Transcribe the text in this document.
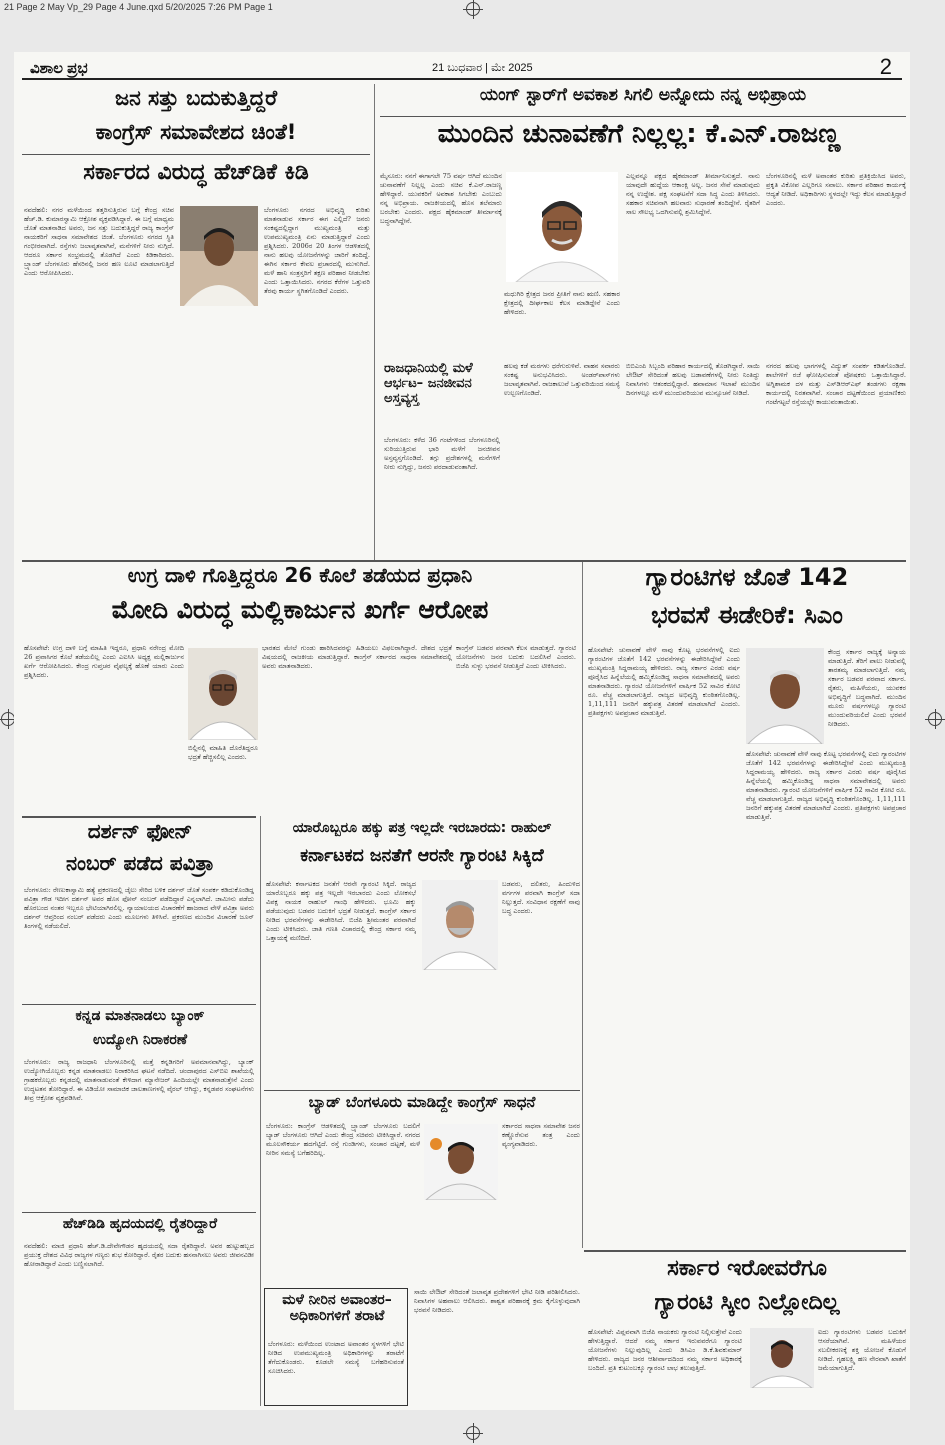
21 Page 2 May Vp_29 Page 4 June.qxd 5/20/2025 7:26 PM Page 1
ವಿಶಾಲ ಪ್ರಭ	21 ಬುಧವಾರ | ಮೇ 2025	2
ಜನ ಸತ್ತು ಬದುಕುತ್ತಿದ್ದರೆ
ಕಾಂಗ್ರೆಸ್ ಸಮಾವೇಶದ ಚಿಂತೆ!
ಸರ್ಕಾರದ ವಿರುದ್ಧ ಹೆಚ್‌ಡಿಕೆ ಕಿಡಿ
ನವದೆಹಲಿ: ನಗರ ಮಳೆಯಿಂದ ತತ್ತರಿಸುತ್ತಿರುವ ಬಗ್ಗೆ ಕೇಂದ್ರ ಸಚಿವ ಹೆಚ್.ಡಿ. ಕುಮಾರಸ್ವಾಮಿ ಆಕ್ರೋಶ ವ್ಯಕ್ತಪಡಿಸಿದ್ದಾರೆ. ಈ ಬಗ್ಗೆ ಮಾಧ್ಯಮ ಜೊತೆ ಮಾತನಾಡಿದ ಅವರು, ಜನ ಸತ್ತು ಬದುಕುತ್ತಿದ್ದರೆ ರಾಜ್ಯ ಕಾಂಗ್ರೆಸ್ ನಾಯಕರಿಗೆ ಸಾಧನಾ ಸಮಾವೇಶದ ಚಿಂತೆ. ಬೆಂಗಳೂರು ನಗರದ ಸ್ಥಿತಿ ಗಂಭೀರವಾಗಿದೆ. ರಸ್ತೆಗಳು ಜಲಾವೃತವಾಗಿವೆ, ಮನೆಗಳಿಗೆ ನೀರು ನುಗ್ಗಿದೆ. ಆದರೂ ಸರ್ಕಾರ ಸಂಭ್ರಮದಲ್ಲಿ ತೊಡಗಿದೆ ಎಂದು ಕಿಡಿಕಾರಿದರು. ಬ್ರ್ಯಾಂಡ್ ಬೆಂಗಳೂರು ಹೆಸರಿನಲ್ಲಿ ಜನರ ಹಣ ಲೂಟಿ ಮಾಡಲಾಗುತ್ತಿದೆ ಎಂದು ಆರೋಪಿಸಿದರು.
ಬೆಂಗಳೂರು ನಗರದ ಅಭಿವೃದ್ಧಿ ಕುರಿತು ಮಾತನಾಡುವ ಸರ್ಕಾರ ಈಗ ಎಲ್ಲಿದೆ? ಜನರು ಸಂಕಷ್ಟದಲ್ಲಿದ್ದಾಗ ಮುಖ್ಯಮಂತ್ರಿ ಮತ್ತು ಉಪಮುಖ್ಯಮಂತ್ರಿ ಏನು ಮಾಡುತ್ತಿದ್ದಾರೆ ಎಂದು ಪ್ರಶ್ನಿಸಿದರು. 2006ರ 20 ತಿಂಗಳ ಆಡಳಿತದಲ್ಲಿ ನಾನು ಹಲವು ಯೋಜನೆಗಳನ್ನು ಜಾರಿಗೆ ತಂದಿದ್ದೆ. ಈಗಿನ ಸರ್ಕಾರ ಕೇವಲ ಪ್ರಚಾರದಲ್ಲಿ ಮುಳುಗಿದೆ. ಮಳೆ ಹಾನಿ ಸಂತ್ರಸ್ತರಿಗೆ ತಕ್ಷಣ ಪರಿಹಾರ ನೀಡಬೇಕು ಎಂದು ಒತ್ತಾಯಿಸಿದರು. ನಗರದ ಕೆರೆಗಳ ಒತ್ತುವರಿ ತೆರವು ಕಾರ್ಯ ಸ್ಥಗಿತಗೊಂಡಿದೆ ಎಂದರು.
ಯಂಗ್ ಸ್ಟಾರ್‌ಗೆ ಅವಕಾಶ ಸಿಗಲಿ ಅನ್ನೋದು ನನ್ನ ಅಭಿಪ್ರಾಯ
ಮುಂದಿನ ಚುನಾವಣೆಗೆ ನಿಲ್ಲಲ್ಲ: ಕೆ.ಎನ್.ರಾಜಣ್ಣ
ಮೈಸೂರು: ನನಗೆ ಈಗಾಗಲೇ 75 ವರ್ಷ ಆಗಿದೆ ಮುಂದಿನ ಚುನಾವಣೆಗೆ ನಿಲ್ಲಲ್ಲ ಎಂದು ಸಚಿವ ಕೆ.ಎನ್.ರಾಜಣ್ಣ ಹೇಳಿದ್ದಾರೆ. ಯುವಕರಿಗೆ ಅವಕಾಶ ಸಿಗಬೇಕು ಎಂಬುದು ನನ್ನ ಅಭಿಪ್ರಾಯ. ರಾಜಕೀಯದಲ್ಲಿ ಹೊಸ ತಲೆಮಾರು ಬರಬೇಕು ಎಂದರು. ಪಕ್ಷದ ಹೈಕಮಾಂಡ್ ತೀರ್ಮಾನಕ್ಕೆ ಬದ್ಧನಾಗಿದ್ದೇನೆ.
ಮಧುಗಿರಿ ಕ್ಷೇತ್ರದ ಜನರ ಪ್ರೀತಿಗೆ ನಾನು ಋಣಿ. ಸಹಕಾರ ಕ್ಷೇತ್ರದಲ್ಲಿ ದೀರ್ಘಕಾಲ ಕೆಲಸ ಮಾಡಿದ್ದೇನೆ ಎಂದು ಹೇಳಿದರು.
ಎಲ್ಲವನ್ನೂ ಪಕ್ಷದ ಹೈಕಮಾಂಡ್ ತೀರ್ಮಾನಿಸುತ್ತದೆ. ನಾನು ಯಾವುದೇ ಹುದ್ದೆಯ ಆಕಾಂಕ್ಷಿ ಅಲ್ಲ. ಜನರ ಸೇವೆ ಮಾಡುವುದು ನನ್ನ ಉದ್ದೇಶ. ಪಕ್ಷ ಸಂಘಟನೆಗೆ ಸದಾ ಸಿದ್ಧ ಎಂದು ತಿಳಿಸಿದರು. ಸಹಕಾರ ಸಚಿವನಾಗಿ ಹಲವಾರು ಸುಧಾರಣೆ ತಂದಿದ್ದೇನೆ. ರೈತರಿಗೆ ಸಾಲ ಸೌಲಭ್ಯ ಒದಗಿಸುವಲ್ಲಿ ಶ್ರಮಿಸಿದ್ದೇನೆ.
ಬೆಂಗಳೂರಿನಲ್ಲಿ ಮಳೆ ಅವಾಂತರ ಕುರಿತು ಪ್ರತಿಕ್ರಿಯಿಸಿದ ಅವರು, ಪ್ರಕೃತಿ ವಿಕೋಪ ಎಲ್ಲರಿಗೂ ಸವಾಲು. ಸರ್ಕಾರ ಪರಿಹಾರ ಕಾರ್ಯಕ್ಕೆ ಆದ್ಯತೆ ನೀಡಿದೆ. ಅಧಿಕಾರಿಗಳು ಸ್ಥಳದಲ್ಲೇ ಇದ್ದು ಕೆಲಸ ಮಾಡುತ್ತಿದ್ದಾರೆ ಎಂದರು.
ರಾಜಧಾನಿಯಲ್ಲಿ ಮಳೆ ಆರ್ಭಟ– ಜನಜೀವನ ಅಸ್ತವ್ಯಸ್ತ
ಬೆಂಗಳೂರು: ಕಳೆದ 36 ಗಂಟೆಗಳಿಂದ ಬೆಂಗಳೂರಿನಲ್ಲಿ ಸುರಿಯುತ್ತಿರುವ ಭಾರಿ ಮಳೆಗೆ ಜನಜೀವನ ಅಸ್ತವ್ಯಸ್ತಗೊಂಡಿದೆ. ತಗ್ಗು ಪ್ರದೇಶಗಳಲ್ಲಿ ಮನೆಗಳಿಗೆ ನೀರು ನುಗ್ಗಿದ್ದು, ಜನರು ಪರದಾಡುವಂತಾಗಿದೆ.
ಹಲವು ಕಡೆ ಮರಗಳು ಧರೆಗುರುಳಿವೆ. ವಾಹನ ಸವಾರರು ಸಂಕಷ್ಟ ಅನುಭವಿಸಿದರು. ಅಂಡರ್‌ಪಾಸ್‌ಗಳು ಜಲಾವೃತವಾಗಿವೆ. ರಾಜಕಾಲುವೆ ಒತ್ತುವರಿಯಿಂದ ಸಮಸ್ಯೆ ಉಲ್ಬಣಗೊಂಡಿದೆ.
ಬಿಬಿಎಂಪಿ ಸಿಬ್ಬಂದಿ ಪರಿಹಾರ ಕಾರ್ಯದಲ್ಲಿ ತೊಡಗಿದ್ದಾರೆ. ಸಾಯಿ ಲೇಔಟ್ ಸೇರಿದಂತೆ ಹಲವು ಬಡಾವಣೆಗಳಲ್ಲಿ ನೀರು ನಿಂತಿದ್ದು ನಿವಾಸಿಗಳು ಆತಂಕದಲ್ಲಿದ್ದಾರೆ. ಹವಾಮಾನ ಇಲಾಖೆ ಮುಂದಿನ ದಿನಗಳಲ್ಲೂ ಮಳೆ ಮುಂದುವರಿಯುವ ಮುನ್ಸೂಚನೆ ನೀಡಿದೆ.
ನಗರದ ಹಲವು ಭಾಗಗಳಲ್ಲಿ ವಿದ್ಯುತ್ ಸಂಪರ್ಕ ಕಡಿತಗೊಂಡಿದೆ. ಶಾಲೆಗಳಿಗೆ ರಜೆ ಘೋಷಿಸುವಂತೆ ಪೋಷಕರು ಒತ್ತಾಯಿಸಿದ್ದಾರೆ. ಅಗ್ನಿಶಾಮಕ ದಳ ಮತ್ತು ಎಸ್‌ಡಿಆರ್‌ಎಫ್ ತಂಡಗಳು ರಕ್ಷಣಾ ಕಾರ್ಯದಲ್ಲಿ ನಿರತವಾಗಿವೆ. ಸಂಚಾರ ದಟ್ಟಣೆಯಿಂದ ಪ್ರಯಾಣಿಕರು ಗಂಟೆಗಟ್ಟಲೆ ರಸ್ತೆಯಲ್ಲೇ ಕಾಯುವಂತಾಯಿತು.
ಉಗ್ರ ದಾಳಿ ಗೊತ್ತಿದ್ದರೂ 26 ಕೊಲೆ ತಡೆಯದ ಪ್ರಧಾನಿ
ಮೋದಿ ವಿರುದ್ಧ ಮಲ್ಲಿಕಾರ್ಜುನ ಖರ್ಗೆ ಆರೋಪ
ಹೊಸಪೇಟೆ: ಉಗ್ರ ದಾಳಿ ಬಗ್ಗೆ ಮಾಹಿತಿ ಇದ್ದರೂ, ಪ್ರಧಾನಿ ನರೇಂದ್ರ ಮೋದಿ 26 ಪ್ರವಾಸಿಗರ ಕೊಲೆ ತಡೆಯಲಿಲ್ಲ ಎಂದು ಎಐಸಿಸಿ ಅಧ್ಯಕ್ಷ ಮಲ್ಲಿಕಾರ್ಜುನ ಖರ್ಗೆ ಆರೋಪಿಸಿದರು. ಕೇಂದ್ರ ಗುಪ್ತಚರ ವೈಫಲ್ಯಕ್ಕೆ ಹೊಣೆ ಯಾರು ಎಂದು ಪ್ರಶ್ನಿಸಿದರು.
ಬಿಲ್ಲಿನಲ್ಲಿ ಮಾಹಿತಿ ದೊರೆತಿದ್ದರೂ ಭದ್ರತೆ ಹೆಚ್ಚಿಸಲಿಲ್ಲ ಎಂದರು.
ಭಾರತದ ಮೇಲೆ ಗುಂಡು ಹಾರಿಸಿದವರನ್ನು ಹಿಡಿಯಲು ವಿಫಲರಾಗಿದ್ದಾರೆ. ದೇಶದ ಭದ್ರತೆ ವಿಷಯದಲ್ಲಿ ರಾಜಕೀಯ ಮಾಡುತ್ತಿದ್ದಾರೆ. ಕಾಂಗ್ರೆಸ್ ಸರ್ಕಾರದ ಸಾಧನಾ ಸಮಾವೇಶದಲ್ಲಿ ಅವರು ಮಾತನಾಡಿದರು.
ಕಾಂಗ್ರೆಸ್ ಬಡವರ ಪರವಾಗಿ ಕೆಲಸ ಮಾಡುತ್ತದೆ. ಗ್ಯಾರಂಟಿ ಯೋಜನೆಗಳು ಜನರ ಬದುಕು ಬದಲಿಸಿವೆ ಎಂದರು. ಬಿಜೆಪಿ ಸುಳ್ಳು ಭರವಸೆ ನೀಡುತ್ತಿದೆ ಎಂದು ಟೀಕಿಸಿದರು.
ಗ್ಯಾರಂಟಿಗಳ ಜೊತೆ 142
ಭರವಸೆ ಈಡೇರಿಕೆ: ಸಿಎಂ
ಹೊಸಪೇಟೆ: ಚುನಾವಣೆ ವೇಳೆ ನಾವು ಕೊಟ್ಟ ಭರವಸೆಗಳಲ್ಲಿ ಐದು ಗ್ಯಾರಂಟಿಗಳ ಜೊತೆಗೆ 142 ಭರವಸೆಗಳನ್ನು ಈಡೇರಿಸಿದ್ದೇವೆ ಎಂದು ಮುಖ್ಯಮಂತ್ರಿ ಸಿದ್ದರಾಮಯ್ಯ ಹೇಳಿದರು. ರಾಜ್ಯ ಸರ್ಕಾರ ಎರಡು ವರ್ಷ ಪೂರೈಸಿದ ಹಿನ್ನೆಲೆಯಲ್ಲಿ ಹಮ್ಮಿಕೊಂಡಿದ್ದ ಸಾಧನಾ ಸಮಾವೇಶದಲ್ಲಿ ಅವರು ಮಾತನಾಡಿದರು. ಗ್ಯಾರಂಟಿ ಯೋಜನೆಗಳಿಗೆ ವಾರ್ಷಿಕ 52 ಸಾವಿರ ಕೋಟಿ ರೂ. ವೆಚ್ಚ ಮಾಡಲಾಗುತ್ತಿದೆ. ರಾಜ್ಯದ ಅಭಿವೃದ್ಧಿ ಕುಂಠಿತಗೊಂಡಿಲ್ಲ. 1,11,111 ಜನರಿಗೆ ಹಕ್ಕುಪತ್ರ ವಿತರಣೆ ಮಾಡಲಾಗಿದೆ ಎಂದರು. ಪ್ರತಿಪಕ್ಷಗಳು ಅಪಪ್ರಚಾರ ಮಾಡುತ್ತಿವೆ.
ಕೇಂದ್ರ ಸರ್ಕಾರ ರಾಜ್ಯಕ್ಕೆ ಅನ್ಯಾಯ ಮಾಡುತ್ತಿದೆ. ತೆರಿಗೆ ಪಾಲು ನೀಡುವಲ್ಲಿ ತಾರತಮ್ಯ ಮಾಡಲಾಗುತ್ತಿದೆ. ನಮ್ಮ ಸರ್ಕಾರ ಬಡವರ ಪರವಾದ ಸರ್ಕಾರ. ರೈತರು, ಮಹಿಳೆಯರು, ಯುವಕರ ಅಭಿವೃದ್ಧಿಗೆ ಬದ್ಧವಾಗಿದೆ. ಮುಂದಿನ ಮೂರು ವರ್ಷಗಳಲ್ಲೂ ಗ್ಯಾರಂಟಿ ಮುಂದುವರಿಯಲಿದೆ ಎಂದು ಭರವಸೆ ನೀಡಿದರು.
ಹೊಸಪೇಟೆ: ಚುನಾವಣೆ ವೇಳೆ ನಾವು ಕೊಟ್ಟ ಭರವಸೆಗಳಲ್ಲಿ ಐದು ಗ್ಯಾರಂಟಿಗಳ ಜೊತೆಗೆ 142 ಭರವಸೆಗಳನ್ನು ಈಡೇರಿಸಿದ್ದೇವೆ ಎಂದು ಮುಖ್ಯಮಂತ್ರಿ ಸಿದ್ದರಾಮಯ್ಯ ಹೇಳಿದರು. ರಾಜ್ಯ ಸರ್ಕಾರ ಎರಡು ವರ್ಷ ಪೂರೈಸಿದ ಹಿನ್ನೆಲೆಯಲ್ಲಿ ಹಮ್ಮಿಕೊಂಡಿದ್ದ ಸಾಧನಾ ಸಮಾವೇಶದಲ್ಲಿ ಅವರು ಮಾತನಾಡಿದರು. ಗ್ಯಾರಂಟಿ ಯೋಜನೆಗಳಿಗೆ ವಾರ್ಷಿಕ 52 ಸಾವಿರ ಕೋಟಿ ರೂ. ವೆಚ್ಚ ಮಾಡಲಾಗುತ್ತಿದೆ. ರಾಜ್ಯದ ಅಭಿವೃದ್ಧಿ ಕುಂಠಿತಗೊಂಡಿಲ್ಲ. 1,11,111 ಜನರಿಗೆ ಹಕ್ಕುಪತ್ರ ವಿತರಣೆ ಮಾಡಲಾಗಿದೆ ಎಂದರು. ಪ್ರತಿಪಕ್ಷಗಳು ಅಪಪ್ರಚಾರ ಮಾಡುತ್ತಿವೆ.
ದರ್ಶನ್ ಫೋನ್
ನಂಬರ್ ಪಡೆದ ಪವಿತ್ರಾ
ಬೆಂಗಳೂರು: ರೇಣುಕಾಸ್ವಾಮಿ ಹತ್ಯೆ ಪ್ರಕರಣದಲ್ಲಿ ಜೈಲು ಸೇರಿದ ಬಳಿಕ ದರ್ಶನ್ ಜೊತೆ ಸಂಪರ್ಕ ಕಡಿದುಕೊಂಡಿದ್ದ ಪವಿತ್ರಾ ಗೌಡ ಇದೀಗ ದರ್ಶನ್ ಅವರ ಹೊಸ ಫೋನ್ ನಂಬರ್ ಪಡೆದಿದ್ದಾರೆ ಎನ್ನಲಾಗಿದೆ. ಜಾಮೀನು ಪಡೆದು ಹೊರಬಂದ ನಂತರ ಇಬ್ಬರೂ ಭೇಟಿಯಾಗಿರಲಿಲ್ಲ. ನ್ಯಾಯಾಲಯದ ವಿಚಾರಣೆಗೆ ಹಾಜರಾದ ವೇಳೆ ಪವಿತ್ರಾ ಅವರು ದರ್ಶನ್ ಆಪ್ತರಿಂದ ನಂಬರ್ ಪಡೆದರು ಎಂದು ಮೂಲಗಳು ತಿಳಿಸಿವೆ. ಪ್ರಕರಣದ ಮುಂದಿನ ವಿಚಾರಣೆ ಜೂನ್ ತಿಂಗಳಲ್ಲಿ ನಡೆಯಲಿದೆ.
ಕನ್ನಡ ಮಾತನಾಡಲು ಬ್ಯಾಂಕ್
ಉದ್ಯೋಗಿ ನಿರಾಕರಣೆ
ಬೆಂಗಳೂರು: ರಾಜ್ಯ ರಾಜಧಾನಿ ಬೆಂಗಳೂರಿನಲ್ಲಿ ಮತ್ತೆ ಕನ್ನಡಿಗರಿಗೆ ಅವಮಾನವಾಗಿದ್ದು, ಬ್ಯಾಂಕ್ ಉದ್ಯೋಗಿಯೊಬ್ಬರು ಕನ್ನಡ ಮಾತನಾಡಲು ನಿರಾಕರಿಸಿದ ಘಟನೆ ನಡೆದಿದೆ. ಚಂದಾಪುರದ ಎಸ್‌ಬಿಐ ಶಾಖೆಯಲ್ಲಿ ಗ್ರಾಹಕರೊಬ್ಬರು ಕನ್ನಡದಲ್ಲಿ ಮಾತನಾಡುವಂತೆ ಕೇಳಿದಾಗ ಮ್ಯಾನೇಜರ್ ಹಿಂದಿಯಲ್ಲೇ ಮಾತನಾಡುತ್ತೇನೆ ಎಂದು ಉದ್ಧಟತನ ತೋರಿದ್ದಾರೆ. ಈ ವಿಡಿಯೋ ಸಾಮಾಜಿಕ ಜಾಲತಾಣಗಳಲ್ಲಿ ವೈರಲ್ ಆಗಿದ್ದು, ಕನ್ನಡಪರ ಸಂಘಟನೆಗಳು ತೀವ್ರ ಆಕ್ರೋಶ ವ್ಯಕ್ತಪಡಿಸಿವೆ.
ಹೆಚ್‌ಡಿಡಿ ಹೃದಯದಲ್ಲಿ ರೈತರಿದ್ದಾರೆ
ನವದೆಹಲಿ: ಮಾಜಿ ಪ್ರಧಾನಿ ಹೆಚ್.ಡಿ.ದೇವೇಗೌಡರ ಹೃದಯದಲ್ಲಿ ಸದಾ ರೈತರಿದ್ದಾರೆ. ಅವರ ಹುಟ್ಟುಹಬ್ಬದ ಪ್ರಯುಕ್ತ ದೇಶದ ವಿವಿಧ ರಾಜ್ಯಗಳ ಗಣ್ಯರು ಶುಭ ಕೋರಿದ್ದಾರೆ. ರೈತರ ಬದುಕು ಹಸನಾಗಿಸಲು ಅವರು ಜೀವನವಿಡೀ ಹೋರಾಡಿದ್ದಾರೆ ಎಂದು ಬಣ್ಣಿಸಲಾಗಿದೆ.
ಯಾರೊಬ್ಬರೂ ಹಕ್ಕು ಪತ್ರ ಇಲ್ಲದೇ ಇರಬಾರದು: ರಾಹುಲ್
ಕರ್ನಾಟಕದ ಜನತೆಗೆ ಆರನೇ ಗ್ಯಾರಂಟಿ ಸಿಕ್ಕಿದೆ
ಹೊಸಪೇಟೆ: ಕರ್ನಾಟಕದ ಜನತೆಗೆ ಆರನೇ ಗ್ಯಾರಂಟಿ ಸಿಕ್ಕಿದೆ. ರಾಜ್ಯದ ಯಾರೊಬ್ಬರೂ ಹಕ್ಕು ಪತ್ರ ಇಲ್ಲದೇ ಇರಬಾರದು ಎಂದು ಲೋಕಸಭೆ ವಿಪಕ್ಷ ನಾಯಕ ರಾಹುಲ್ ಗಾಂಧಿ ಹೇಳಿದರು. ಭೂಮಿ ಹಕ್ಕು ಪಡೆಯುವುದು ಬಡವರ ಬದುಕಿಗೆ ಭದ್ರತೆ ನೀಡುತ್ತದೆ. ಕಾಂಗ್ರೆಸ್ ಸರ್ಕಾರ ನೀಡಿದ ಭರವಸೆಗಳನ್ನು ಈಡೇರಿಸಿದೆ. ಬಿಜೆಪಿ ಶ್ರೀಮಂತರ ಪರವಾಗಿದೆ ಎಂದು ಟೀಕಿಸಿದರು. ಜಾತಿ ಗಣತಿ ವಿಚಾರದಲ್ಲಿ ಕೇಂದ್ರ ಸರ್ಕಾರ ನಮ್ಮ ಒತ್ತಾಯಕ್ಕೆ ಮಣಿದಿದೆ.
ಬಡವರು, ದಲಿತರು, ಹಿಂದುಳಿದ ವರ್ಗಗಳ ಪರವಾಗಿ ಕಾಂಗ್ರೆಸ್ ಸದಾ ನಿಲ್ಲುತ್ತದೆ. ಸಂವಿಧಾನ ರಕ್ಷಣೆಗೆ ನಾವು ಬದ್ಧ ಎಂದರು.
ಬ್ಯಾಡ್ ಬೆಂಗಳೂರು ಮಾಡಿದ್ದೇ ಕಾಂಗ್ರೆಸ್ ಸಾಧನೆ
ಬೆಂಗಳೂರು: ಕಾಂಗ್ರೆಸ್ ಆಡಳಿತದಲ್ಲಿ ಬ್ರ್ಯಾಂಡ್ ಬೆಂಗಳೂರು ಬದಲಿಗೆ ಬ್ಯಾಡ್ ಬೆಂಗಳೂರು ಆಗಿದೆ ಎಂದು ಕೇಂದ್ರ ಸಚಿವರು ಟೀಕಿಸಿದ್ದಾರೆ. ನಗರದ ಮೂಲಸೌಕರ್ಯ ಹದಗೆಟ್ಟಿದೆ. ರಸ್ತೆ ಗುಂಡಿಗಳು, ಸಂಚಾರ ದಟ್ಟಣೆ, ಮಳೆ ನೀರಿನ ಸಮಸ್ಯೆ ಬಗೆಹರಿದಿಲ್ಲ.
ಸರ್ಕಾರದ ಸಾಧನಾ ಸಮಾವೇಶ ಜನರ ಕಣ್ಣೊರೆಸುವ ತಂತ್ರ ಎಂದು ವ್ಯಂಗ್ಯವಾಡಿದರು.
ಮಳೆ ನೀರಿನ ಅವಾಂತರ– ಅಧಿಕಾರಿಗಳಿಗೆ ತರಾಟೆ
ಬೆಂಗಳೂರು: ಮಳೆಯಿಂದ ಉಂಟಾದ ಅವಾಂತರ ಸ್ಥಳಗಳಿಗೆ ಭೇಟಿ ನೀಡಿದ ಉಪಮುಖ್ಯಮಂತ್ರಿ ಅಧಿಕಾರಿಗಳನ್ನು ತರಾಟೆಗೆ ತೆಗೆದುಕೊಂಡರು. ಕೂಡಲೇ ಸಮಸ್ಯೆ ಬಗೆಹರಿಸುವಂತೆ ಸೂಚಿಸಿದರು.
ಸಾಯಿ ಲೇಔಟ್ ಸೇರಿದಂತೆ ಜಲಾವೃತ ಪ್ರದೇಶಗಳಿಗೆ ಭೇಟಿ ನೀಡಿ ಪರಿಶೀಲಿಸಿದರು. ನಿವಾಸಿಗಳ ಅಹವಾಲು ಆಲಿಸಿದರು. ಶಾಶ್ವತ ಪರಿಹಾರಕ್ಕೆ ಕ್ರಮ ಕೈಗೊಳ್ಳುವುದಾಗಿ ಭರವಸೆ ನೀಡಿದರು.
ಸರ್ಕಾರ ಇರೋವರೆಗೂ
ಗ್ಯಾರಂಟಿ ಸ್ಕೀಂ ನಿಲ್ಲೋದಿಲ್ಲ
ಹೊಸಪೇಟೆ: ವಿಪ್ಲವವಾಗಿ ಬಿಜೆಪಿ ನಾಯಕರು ಗ್ಯಾರಂಟಿ ನಿಲ್ಲಿಸುತ್ತೇವೆ ಎಂದು ಹೇಳುತ್ತಿದ್ದಾರೆ. ಆದರೆ ನಮ್ಮ ಸರ್ಕಾರ ಇರುವವರೆಗೂ ಗ್ಯಾರಂಟಿ ಯೋಜನೆಗಳು ನಿಲ್ಲುವುದಿಲ್ಲ ಎಂದು ಡಿಸಿಎಂ ಡಿ.ಕೆ.ಶಿವಕುಮಾರ್ ಹೇಳಿದರು. ರಾಜ್ಯದ ಜನರ ಆಶೀರ್ವಾದದಿಂದ ನಮ್ಮ ಸರ್ಕಾರ ಅಧಿಕಾರಕ್ಕೆ ಬಂದಿದೆ. ಪ್ರತಿ ಕುಟುಂಬಕ್ಕೂ ಗ್ಯಾರಂಟಿ ಲಾಭ ತಲುಪುತ್ತಿದೆ.
ಐದು ಗ್ಯಾರಂಟಿಗಳು ಬಡವರ ಬದುಕಿಗೆ ಆಸರೆಯಾಗಿವೆ. ಮಹಿಳೆಯರ ಸಬಲೀಕರಣಕ್ಕೆ ಶಕ್ತಿ ಯೋಜನೆ ಕೊಡುಗೆ ನೀಡಿದೆ. ಗೃಹಲಕ್ಷ್ಮಿ ಹಣ ನೇರವಾಗಿ ಖಾತೆಗೆ ಜಮೆಯಾಗುತ್ತಿದೆ.
